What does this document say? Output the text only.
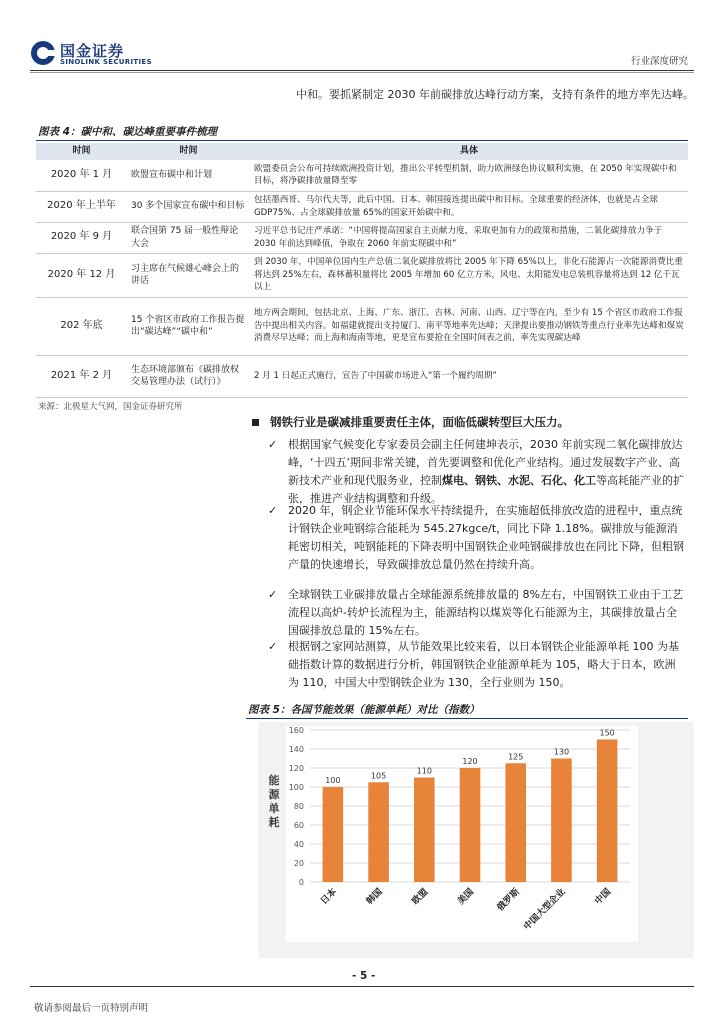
国金证券
SINOLINK SECURITIES	行业深度研究
中和。要抓紧制定 2030 年前碳排放达峰行动方案，支持有条件的地方率先达峰。
图表 4：碳中和、碳达峰重要事件梳理
时间	时间	具体
2020 年 1 月	欧盟宣布碳中和计划	欧盟委员会公布可持续欧洲投资计划，推出公平转型机制，助力欧洲绿色协议顺利实施，在 2050 年实现碳中和目标，将净碳排放量降至零
2020 年上半年	30 多个国家宣布碳中和目标	包括墨西哥、马尔代夫等，此后中国、日本、韩国接连提出碳中和目标。全球重要的经济体，也就是占全球 GDP75%、占全球碳排放量 65%的国家开始碳中和。
2020 年 9 月	联合国第 75 届一般性辩论大会	习近平总书记庄严承诺：“中国将提高国家自主贡献力度，采取更加有力的政策和措施，二氧化碳排放力争于 2030 年前达到峰值，争取在 2060 年前实现碳中和”
2020 年 12 月	习主席在气候雄心峰会上的讲话	到 2030 年，中国单位国内生产总值二氧化碳排放将比 2005 年下降 65%以上，非化石能源占一次能源消费比重将达到 25%左右，森林蓄积量将比 2005 年增加 60 亿立方米，风电、太阳能发电总装机容量将达到 12 亿千瓦以上
202 年底	15 个省区市政府工作报告提出“碳达峰”“碳中和”	地方两会期间，包括北京、上海、广东、浙江、吉林、河南、山西、辽宁等在内，至少有 15 个省区市政府工作报告中提出相关内容。如福建就提出支持厦门、南平等地率先达峰；天津提出要推动钢铁等重点行业率先达峰和煤炭消费尽早达峰；而上海和海南等地，更是宣布要抢在全国时间表之前，率先实现碳达峰
2021 年 2 月	生态环境部颁布《碳排放权交易管理办法（试行）》	2 月 1 日起正式施行，宣告了中国碳市场进入“第一个履约周期”
来源：北极星大气网，国金证券研究所
钢铁行业是碳减排重要责任主体，面临低碳转型巨大压力。
✓ 根据国家气候变化专家委员会副主任何建坤表示，2030 年前实现二氧化碳排放达峰，‘十四五’期间非常关键，首先要调整和优化产业结构。通过发展数字产业、高新技术产业和现代服务业，控制煤电、钢铁、水泥、石化、化工等高耗能产业的扩张，推进产业结构调整和升级。
✓ 2020 年，钢企业节能环保水平持续提升，在实施超低排放改造的进程中，重点统计钢铁企业吨钢综合能耗为 545.27kgce/t，同比下降 1.18%。碳排放与能源消耗密切相关，吨钢能耗的下降表明中国钢铁企业吨钢碳排放也在同比下降，但粗钢产量的快速增长，导致碳排放总量仍然在持续升高。
✓ 全球钢铁工业碳排放量占全球能源系统排放量的 8%左右，中国钢铁工业由于工艺流程以高炉-转炉长流程为主，能源结构以煤炭等化石能源为主，其碳排放量占全国碳排放总量的 15%左右。
✓ 根据钢之家网站测算，从节能效果比较来看，以日本钢铁企业能源单耗 100 为基础指数计算的数据进行分析，韩国钢铁企业能源单耗为 105，略大于日本，欧洲为 110，中国大中型钢铁企业为 130，全行业则为 150。
图表 5：各国节能效果（能源单耗）对比（指数）
100
105
110
120
125
130
150
0
20
40
60
80
100
120
140
160
日本	韩国	欧盟	美国 俄罗斯 中国大型企业	中国
能
源
单
耗
- 5 -
敬请参阅最后一页特别声明
